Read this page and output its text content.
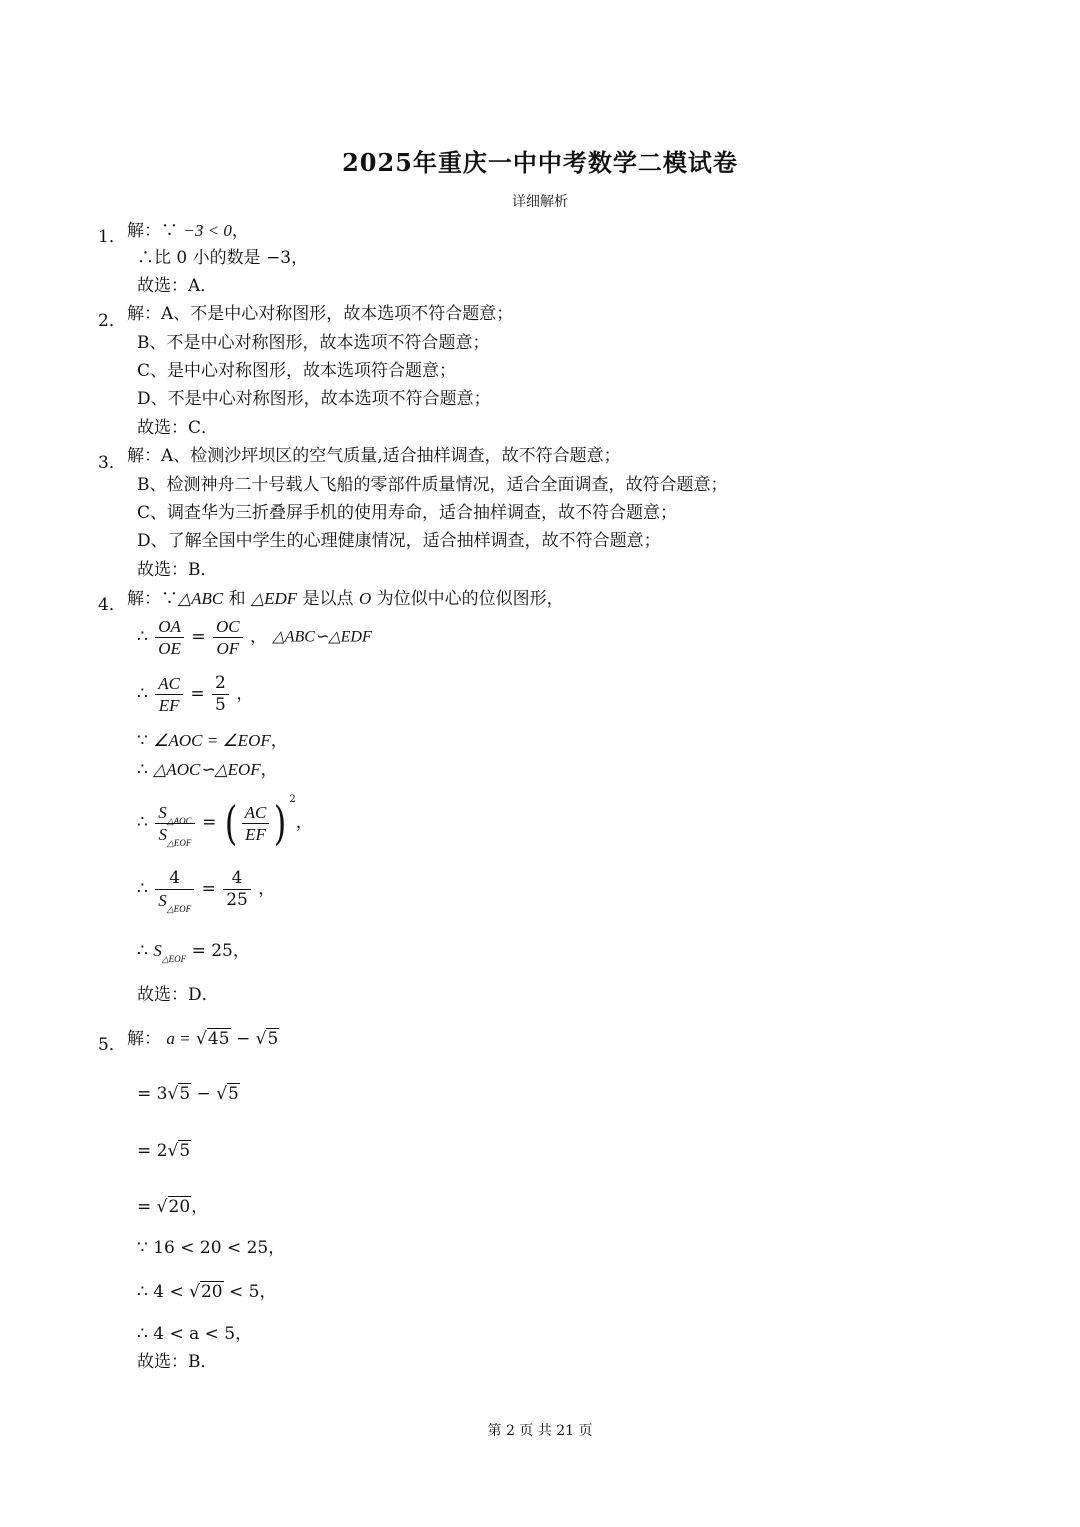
2025年重庆一中中考数学二模试卷
详细解析
1． 解：∵ −3 < 0，
∴比 0 小的数是 −3，
故选：A．
2． 解：A、不是中心对称图形，故本选项不符合题意；
B、不是中心对称图形，故本选项不符合题意；
C、是中心对称图形，故本选项符合题意；
D、不是中心对称图形，故本选项不符合题意；
故选：C．
3． 解：A、检测沙坪坝区的空气质量,适合抽样调查，故不符合题意；
B、检测神舟二十号载人飞船的零部件质量情况，适合全面调查，故符合题意；
C、调查华为三折叠屏手机的使用寿命，适合抽样调查，故不符合题意；
D、了解全国中学生的心理健康情况，适合抽样调查，故不符合题意；
故选：B．
4． 解：∵△ABC 和 △EDF 是以点 O 为位似中心的位似图形，
∴ $\frac{OA}{OE} = \frac{OC}{OF}$ ， △ABC∽△EDF
∴ $\frac{AC}{EF} = \frac{2}{5}$ ，
∵ ∠AOC = ∠EOF，
∴ △AOC∽△EOF，
∴ $\frac{S_{\triangle AOC}}{S_{\triangle EOF}}$ = ( $\frac{AC}{EF}$ ) $^2$，
∴ $\frac{4}{S_{\triangle EOF}} = \frac{4}{25}$ ，
∴ $S_{\triangle EOF} = 25$，
故选：D．
5． 解： a = √45 − √5
= 3√5 − √5
= 2√5
= √20，
∵ 16 < 20 < 25，
∴ 4 < √20 < 5，
∴ 4 < a < 5，
故选：B．
第 2 页 共 21 页
